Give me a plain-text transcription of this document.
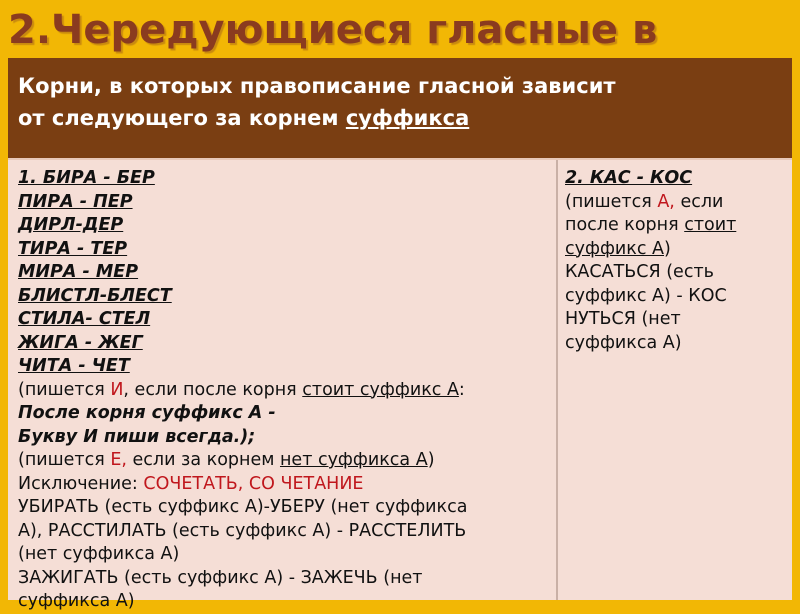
2.Чередующиеся гласные в
Корни, в которых правописание гласной зависит
от следующего за корнем суффикса
1. БИРА - БЕР
ПИРА - ПЕР
ДИРЛ-ДЕР
ТИРА - ТЕР
МИРА - МЕР
БЛИСТЛ-БЛЕСТ
СТИЛА- СТЕЛ
ЖИГА - ЖЕГ
ЧИТА - ЧЕТ
(пишется И, если после корня стоит суффикс А:
После корня суффикс А -
Букву И пиши всегда.);
(пишется Е, если за корнем нет суффикса А)
Исключение: СОЧЕТАТЬ, СО ЧЕТАНИЕ
УБИРАТЬ (есть суффикс А)-УБЕРУ (нет суффикса
А), РАССТИЛАТЬ (есть суффикс А) - РАССТЕЛИТЬ
(нет суффикса А)
ЗАЖИГАТЬ (есть суффикс А) - ЗАЖЕЧЬ (нет
суффикса А)
2. КАС - КОС
(пишется А, если
после корня стоит
суффикс А)
КАСАТЬСЯ (есть
суффикс А) - КОС
НУТЬСЯ (нет
суффикса А)
